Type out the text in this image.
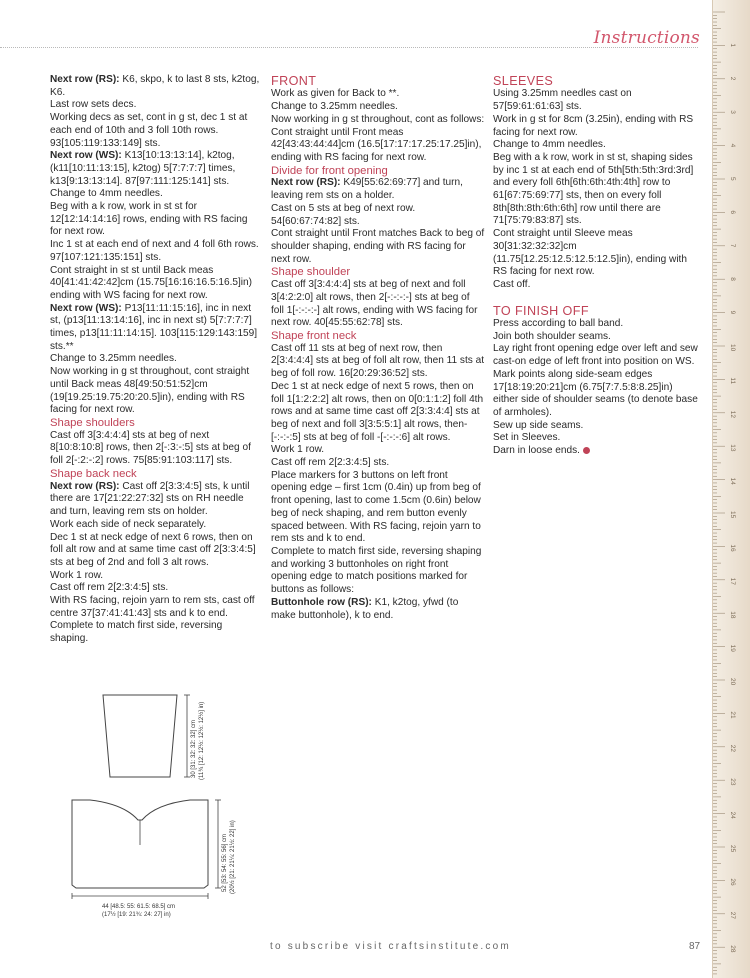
Instructions

Next row (RS): K6, skpo, k to last 8 sts, k2tog, K6.

Last row sets decs.

Working decs as set, cont in g st, dec 1 st at each end of 10th and 3 foll 10th rows. 93[105:119:133:149] sts.

Next row (WS): K13[10:13:13:14], k2tog, (k11[10:11:13:15], k2tog) 5[7:7:7:7] times, k13[9:13:13:14]. 87[97:111:125:141] sts.

Change to 4mm needles.

Beg with a k row, work in st st for 12[12:14:14:16] rows, ending with RS facing for next row.

Inc 1 st at each end of next and 4 foll 6th rows. 97[107:121:135:151] sts.

Cont straight in st st until Back meas 40[41:41:42:42]cm (15.75[16:16:16.5:16.5]in) ending with WS facing for next row.

Next row (WS): P13[11:11:15:16], inc in next st, (p13[11:13:14:16], inc in next st) 5[7:7:7:7] times, p13[11:11:14:15]. 103[115:129:143:159] sts.**

Change to 3.25mm needles.

Now working in g st throughout, cont straight until Back meas 48[49:50:51:52]cm (19[19.25:19.75:20:20.5]in), ending with RS facing for next row.

Shape shoulders

Cast off 3[3:4:4:4] sts at beg of next 8[10:8:10:8] rows, then 2[-:3:-:5] sts at beg of foll 2[-:2:-:2] rows. 75[85:91:103:117] sts.

Shape back neck

Next row (RS): Cast off 2[3:3:4:5] sts, k until there are 17[21:22:27:32] sts on RH needle and turn, leaving rem sts on holder.

Work each side of neck separately.

Dec 1 st at neck edge of next 6 rows, then on foll alt row and at same time cast off 2[3:3:4:5] sts at beg of 2nd and foll 3 alt rows.

Work 1 row.

Cast off rem 2[2:3:4:5] sts.

With RS facing, rejoin yarn to rem sts, cast off centre 37[37:41:41:43] sts and k to end.

Complete to match first side, reversing shaping.

FRONT

Work as given for Back to **.

Change to 3.25mm needles.

Now working in g st throughout, cont as follows:

Cont straight until Front meas 42[43:43:44:44]cm (16.5[17:17:17.25:17.25]in), ending with RS facing for next row.

Divide for front opening

Next row (RS): K49[55:62:69:77] and turn, leaving rem sts on a holder.

Cast on 5 sts at beg of next row. 54[60:67:74:82] sts.

Cont straight until Front matches Back to beg of shoulder shaping, ending with RS facing for next row.

Shape shoulder

Cast off 3[3:4:4:4] sts at beg of next and foll 3[4:2:2:0] alt rows, then 2[-:-:-:-] sts at beg of foll 1[-:-:-:-] alt rows, ending with WS facing for next row. 40[45:55:62:78] sts.

Shape front neck

Cast off 11 sts at beg of next row, then 2[3:4:4:4] sts at beg of foll alt row, then 11 sts at beg of foll row. 16[20:29:36:52] sts.

Dec 1 st at neck edge of next 5 rows, then on foll 1[1:2:2:2] alt rows, then on 0[0:1:1:2] foll 4th rows and at same time cast off 2[3:3:4:4] sts at beg of next and foll 3[3:5:5:1] alt rows, then-[-:-:-:5] sts at beg of foll -[-:-:-:6] alt rows.

Work 1 row.

Cast off rem 2[2:3:4:5] sts.

Place markers for 3 buttons on left front opening edge – first 1cm (0.4in) up from beg of front opening, last to come 1.5cm (0.6in) below beg of neck shaping, and rem button evenly spaced between. With RS facing, rejoin yarn to rem sts and k to end.

Complete to match first side, reversing shaping and working 3 buttonholes on right front opening edge to match positions marked for buttons as follows:

Buttonhole row (RS): K1, k2tog, yfwd (to make buttonhole), k to end.

SLEEVES

Using 3.25mm needles cast on 57[59:61:61:63] sts.

Work in g st for 8cm (3.25in), ending with RS facing for next row.

Change to 4mm needles.

Beg with a k row, work in st st, shaping sides by inc 1 st at each end of 5th[5th:5th:3rd:3rd] and every foll 6th[6th:6th:4th:4th] row to 61[67:75:69:77] sts, then on every foll 8th[8th:8th:6th:6th] row until there are 71[75:79:83:87] sts.

Cont straight until Sleeve meas 30[31:32:32:32]cm (11.75[12.25:12.5:12.5:12.5]in), ending with RS facing for next row.

Cast off.

TO FINISH OFF

Press according to ball band.

Join both shoulder seams.

Lay right front opening edge over left and sew cast-on edge of left front into position on WS.

Mark points along side-seam edges 17[18:19:20:21]cm (6.75[7:7.5:8:8.25]in) either side of shoulder seams (to denote base of armholes).

Sew up side seams.

Set in Sleeves.

Darn in loose ends.

30 [31: 32: 32: 32] cm (11¾ [12: 12½: 12½: 12½] in)
52 [53: 54: 55: 56] cm (20½ [21: 21¼: 21½: 22] in)
44 [48.5: 55: 61.5: 68.5] cm
(17½ [19: 21¾: 24: 27] in)
to subscribe visit craftsinstitute.com	87
1
2
3
4
5
6
7
8
9
10
11
12
13
14
15
16
17
18
19
20
21
22
23
24
25
26
27
28
